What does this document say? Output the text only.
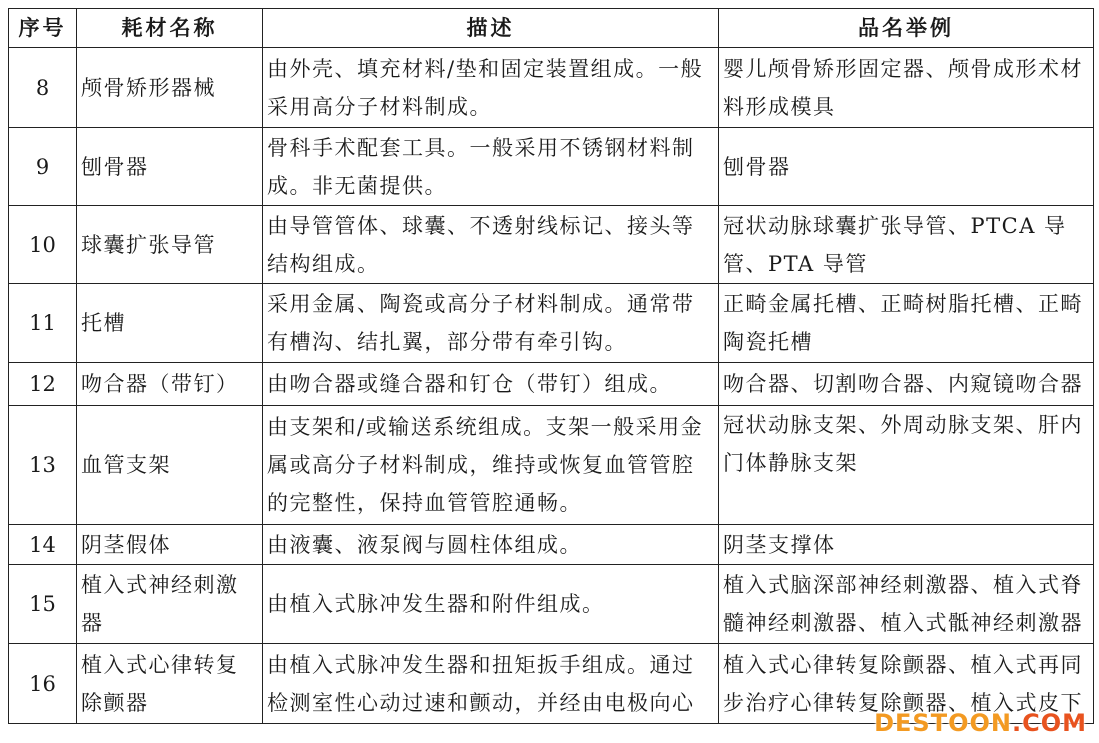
序号	耗材名称	描述	品名举例
8	颅骨矫形器械	由外壳、填充材料/垫和固定装置组成。一般采用高分子材料制成。	婴儿颅骨矫形固定器、颅骨成形术材料形成模具
9	刨骨器	骨科手术配套工具。一般采用不锈钢材料制成。非无菌提供。	刨骨器
10	球囊扩张导管	由导管管体、球囊、不透射线标记、接头等结构组成。	冠状动脉球囊扩张导管、PTCA 导管、PTA 导管
11	托槽	采用金属、陶瓷或高分子材料制成。通常带有槽沟、结扎翼，部分带有牵引钩。	正畸金属托槽、正畸树脂托槽、正畸陶瓷托槽
12	吻合器（带钉）	由吻合器或缝合器和钉仓（带钉）组成。	吻合器、切割吻合器、内窥镜吻合器
13	血管支架	由支架和/或输送系统组成。支架一般采用金属或高分子材料制成，维持或恢复血管管腔的完整性，保持血管管腔通畅。	冠状动脉支架、外周动脉支架、肝内门体静脉支架
14	阴茎假体	由液囊、液泵阀与圆柱体组成。	阴茎支撑体
15	植入式神经刺激器	由植入式脉冲发生器和附件组成。	植入式脑深部神经刺激器、植入式脊髓神经刺激器、植入式骶神经刺激器
16	植入式心律转复除颤器	由植入式脉冲发生器和扭矩扳手组成。通过检测室性心动过速和颤动，并经由电极向心	植入式心律转复除颤器、植入式再同步治疗心律转复除颤器、植入式皮下
DESTOON.COM
